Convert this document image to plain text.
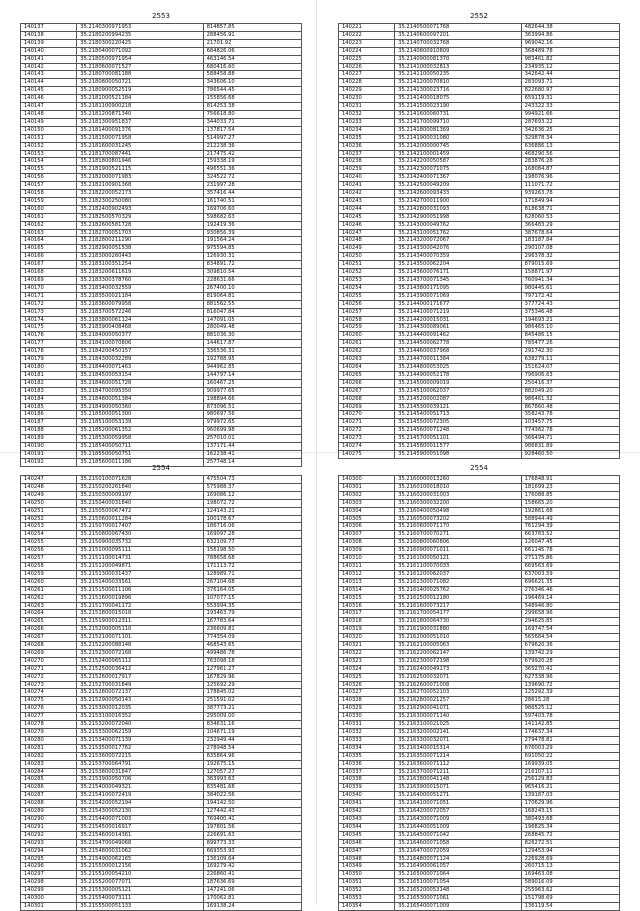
2553
140137	35.2140300971953	814857.85
140138	35.2180200994235	288456.91
140139	35.2180300220425	21701.92
140140	35.2180400071092	684826.06
140141	35.2180500971954	463146.54
140142	35.2180600071527	680416.60
140143	35.2180700081188	588458.88
140144	35.2180800050721	343606.10
140145	35.2180900052519	786544.45
140146	35.2181000521184	155856.68
140147	35.2181100900218	814253.38
140148	35.2181200871340	756618.80
140149	35.2181300951837	344033.71
140150	35.2181400091376	137817.54
140151	35.2181500071958	514997.27
140152	35.2181600031245	212238.36
140153	35.2181700087441	217475.42
140154	35.2181800801946	159338.19
140155	35.2181900521115	496551.36
140156	35.2182000071983	324522.72
140157	35.2182100901368	231997.28
140158	35.2182200052173	357416.44
140159	35.2182300250080	161740.51
140160	35.2182400902493	169706.60
140161	35.2182500570329	598682.63
140162	35.2182600581728	192419.36
140163	35.2182700051703	930856.39
140164	35.2182800211290	191564.24
140165	35.2182900051538	975594.85
140166	35.2183000260443	126930.31
140167	35.2183100351254	834891.72
140168	35.2183200611619	309810.54
140169	35.2183300378760	228631.66
140170	35.2183400032559	267400.10
140171	35.2183500021184	819064.81
140172	35.2183600079958	881562.55
140173	35.2183700572246	816047.84
140174	35.2183800061124	147091.05
140175	35.2183900408468	280049.48
140176	35.2184000050377	881036.30
140177	35.2184100070806	144617.87
140178	35.2184200450157	336536.31
140179	35.2184300032289	192788.95
140180	35.2184400071463	944962.85
140181	35.2184500053154	144797.14
140182	35.2184600051728	160467.25
140183	35.2184700095350	909977.65
140184	35.2184800051384	198894.66
140185	35.2184900050360	873096.51
140186	35.2185000051300	980697.56
140187	35.2185100053139	979972.65
140188	35.2185200061352	960699.98
140189	35.2185300059958	257010.01
140190	35.2185400050711	137171.44
140191	35.2185500050751	162238.41
140192	35.2185600011186	257748.14
2552
140221	35.2140500071768	482644.38
140222	35.2140600097201	363994.86
140223	35.2140700032768	969042.16
140224	35.2140800910809	368489.78
140225	35.2140900081370	983461.82
140226	35.2141000032813	234935.12
140227	35.2141100050235	342642.44
140228	35.2141200070810	283093.71
140229	35.2141300023716	822680.97
140230	35.2141400018075	659119.31
140231	35.2141500023190	243322.33
140232	35.2141600060731	994921.66
140233	35.2141700099710	287693.22
140234	35.2141800081369	342636.25
140235	35.2141900031080	329878.34
140236	35.2142000000745	636886.13
140237	35.2142100001459	468290.56
140238	35.2142200050587	283876.28
140239	35.2142300071075	168084.87
140240	35.2142400071367	198076.96
140241	35.2142500049209	111071.72
140242	35.2142600093433	939263.78
140243	35.2142700011900	171849.94
140244	35.2142800031093	818638.71
140245	35.2142900051998	628060.53
140246	35.2143000049762	366483.29
140247	35.2143100051762	387678.64
140248	35.2143200072067	183187.84
140249	35.2143300042076	290107.08
140250	35.2143400070359	296378.32
140251	35.2143500062204	879015.69
140252	35.2143600076171	158871.97
140253	35.2143700071345	760941.34
140254	35.2143800171095	980445.61
140255	35.2143900071069	797172.42
140256	35.2144000171677	377724.43
140257	35.2144100071219	375346.48
140258	35.2144200015031	194693.21
140259	35.2144300089061	986465.10
140260	35.2144400091462	845486.15
140261	35.2144500062778	785477.26
140262	35.2144600037968	291742.30
140263	35.2144700011384	638279.11
140264	35.2144800053025	151624.07
140265	35.2144900052178	796906.63
140266	35.2145000009019	250416.37
140267	35.2145100062037	882049.20
140268	35.2145200002087	986461.32
140269	35.2145300039121	867860.48
140270	35.2145400051713	358243.78
140271	35.2145500072305	103457.75
140272	35.2145600071248	774362.78
140273	35.2145700051101	366494.71
140274	35.2145800011577	986831.89
140275	35.2145900051098	928460.50
2554
140247	35.2150100071628	475504.73
140248	35.2150200261840	575988.37
140249	35.2150300009197	169086.12
140250	35.2150400031840	198072.72
140251	35.2150500067472	124143.21
140252	35.2150600011284	100178.67
140253	35.2150700017407	186716.06
140254	35.2150800067430	169097.28
140255	35.2150900035732	632109.77
140256	35.2151000095111	156198.50
140257	35.2151100014731	788658.68
140258	35.2151200049871	171113.72
140259	35.2151300031437	128989.71
140260	35.2151400033561	267104.68
140261	35.2151500011106	376164.05
140262	35.2151600019896	107077.15
140263	35.2151700041172	553994.35
140264	35.2151800015018	193463.79
140265	35.2151900012311	167783.64
140266	35.2152000005110	236609.81
140267	35.2152100071101	774354.09
140268	35.2152200088148	468543.65
140269	35.2152300072168	499486.78
140270	35.2152400065112	763098.18
140271	35.2152500036412	127961.27
140272	35.2152600017917	167829.96
140273	35.2152700031849	125692.29
140274	35.2152800072137	178845.02
140275	35.2152900050143	251591.02
140276	35.2153000012035	387773.21
140277	35.2153100016352	295009.00
140278	35.2153200072040	834631.16
140279	35.2153300062159	104671.19
140280	35.2153400071139	232949.44
140281	35.2153500017762	278948.54
140282	35.2153600072215	835864.96
140283	35.2153700064791	192675.15
140284	35.2153800031847	127057.27
140285	35.2153900050706	363993.63
140286	35.2154000049321	835481.68
140287	35.2154100072419	384022.56
140288	35.2154200052194	194142.50
140289	35.2154300052130	127442.43
140290	35.2154400071003	769400.41
140291	35.2154500016917	197801.56
140292	35.2154600014361	226691.63
140293	35.2154700049068	899773.33
140294	35.2154800031062	669353.93
140295	35.2154900062165	136109.64
140296	35.2155000012156	169279.42
140297	35.2155100054210	226860.41
140298	35.2155200077071	187636.69
140299	35.2155300005121	147241.06
140300	35.2155400073111	170062.81
140301	35.2155500051133	169138.24
2554
140300	35.2160000013260	176848.91
140301	35.2160100018010	181699.23
140302	35.2160200031003	176088.85
140303	35.2160300032200	158665.20
140304	35.2160400050498	192861.68
140305	35.2160500073202	588944.49
140306	35.2160600071170	761294.39
140307	35.2160700070271	663783.52
140308	35.2160800060806	126047.45
140309	35.2160900071011	661145.78
140310	35.2161000050121	271175.86
140311	35.2161100070033	669563.69
140312	35.2161200062037	637003.59
140313	35.2161300071082	696621.35
140314	35.2161400025762	276346.46
140315	35.2161500012180	196469.14
140316	35.2161600073217	548946.80
140317	35.2161700054177	299658.96
140318	35.2161800064730	294625.85
140319	35.2161900031880	169747.54
140320	35.2162000051010	565684.54
140321	35.2162100005063	679620.36
140322	35.2162200062147	139742.29
140323	35.2162300072198	679920.28
140324	35.2162400049173	365270.41
140325	35.2162500032071	627338.96
140326	35.2162600071008	139690.72
140327	35.2162700052103	125292.39
140328	35.2162800021257	28615.28
140329	35.2162900041071	986525.12
140330	35.2163000071140	597403.78
140331	35.2163100021025	141142.85
140332	35.2163200002141	174637.34
140333	35.2163300032071	279478.81
140334	35.2163400015314	676003.29
140335	35.2163500071214	691050.22
140336	35.2163600071112	169939.05
140337	35.2163700071211	216107.11
140338	35.2163800041148	256129.83
140339	35.2163900015071	965416.21
140340	35.2164000051271	139187.03
140341	35.2164100071051	170629.96
140342	35.2164200072057	168243.15
140343	35.2164300071009	380493.68
140344	35.2164400051009	196825.34
140345	35.2164500071042	268845.72
140346	35.2164600071058	826272.51
140347	35.2164700072059	129453.94
140348	35.2164800071124	226928.69
140349	35.2164900061057	260715.13
140350	35.2165000071064	169463.08
140351	35.2165100071054	589016.09
140352	35.2165200053148	255963.62
140353	35.2165300071061	151798.69
140354	35.2165400071009	136119.54
